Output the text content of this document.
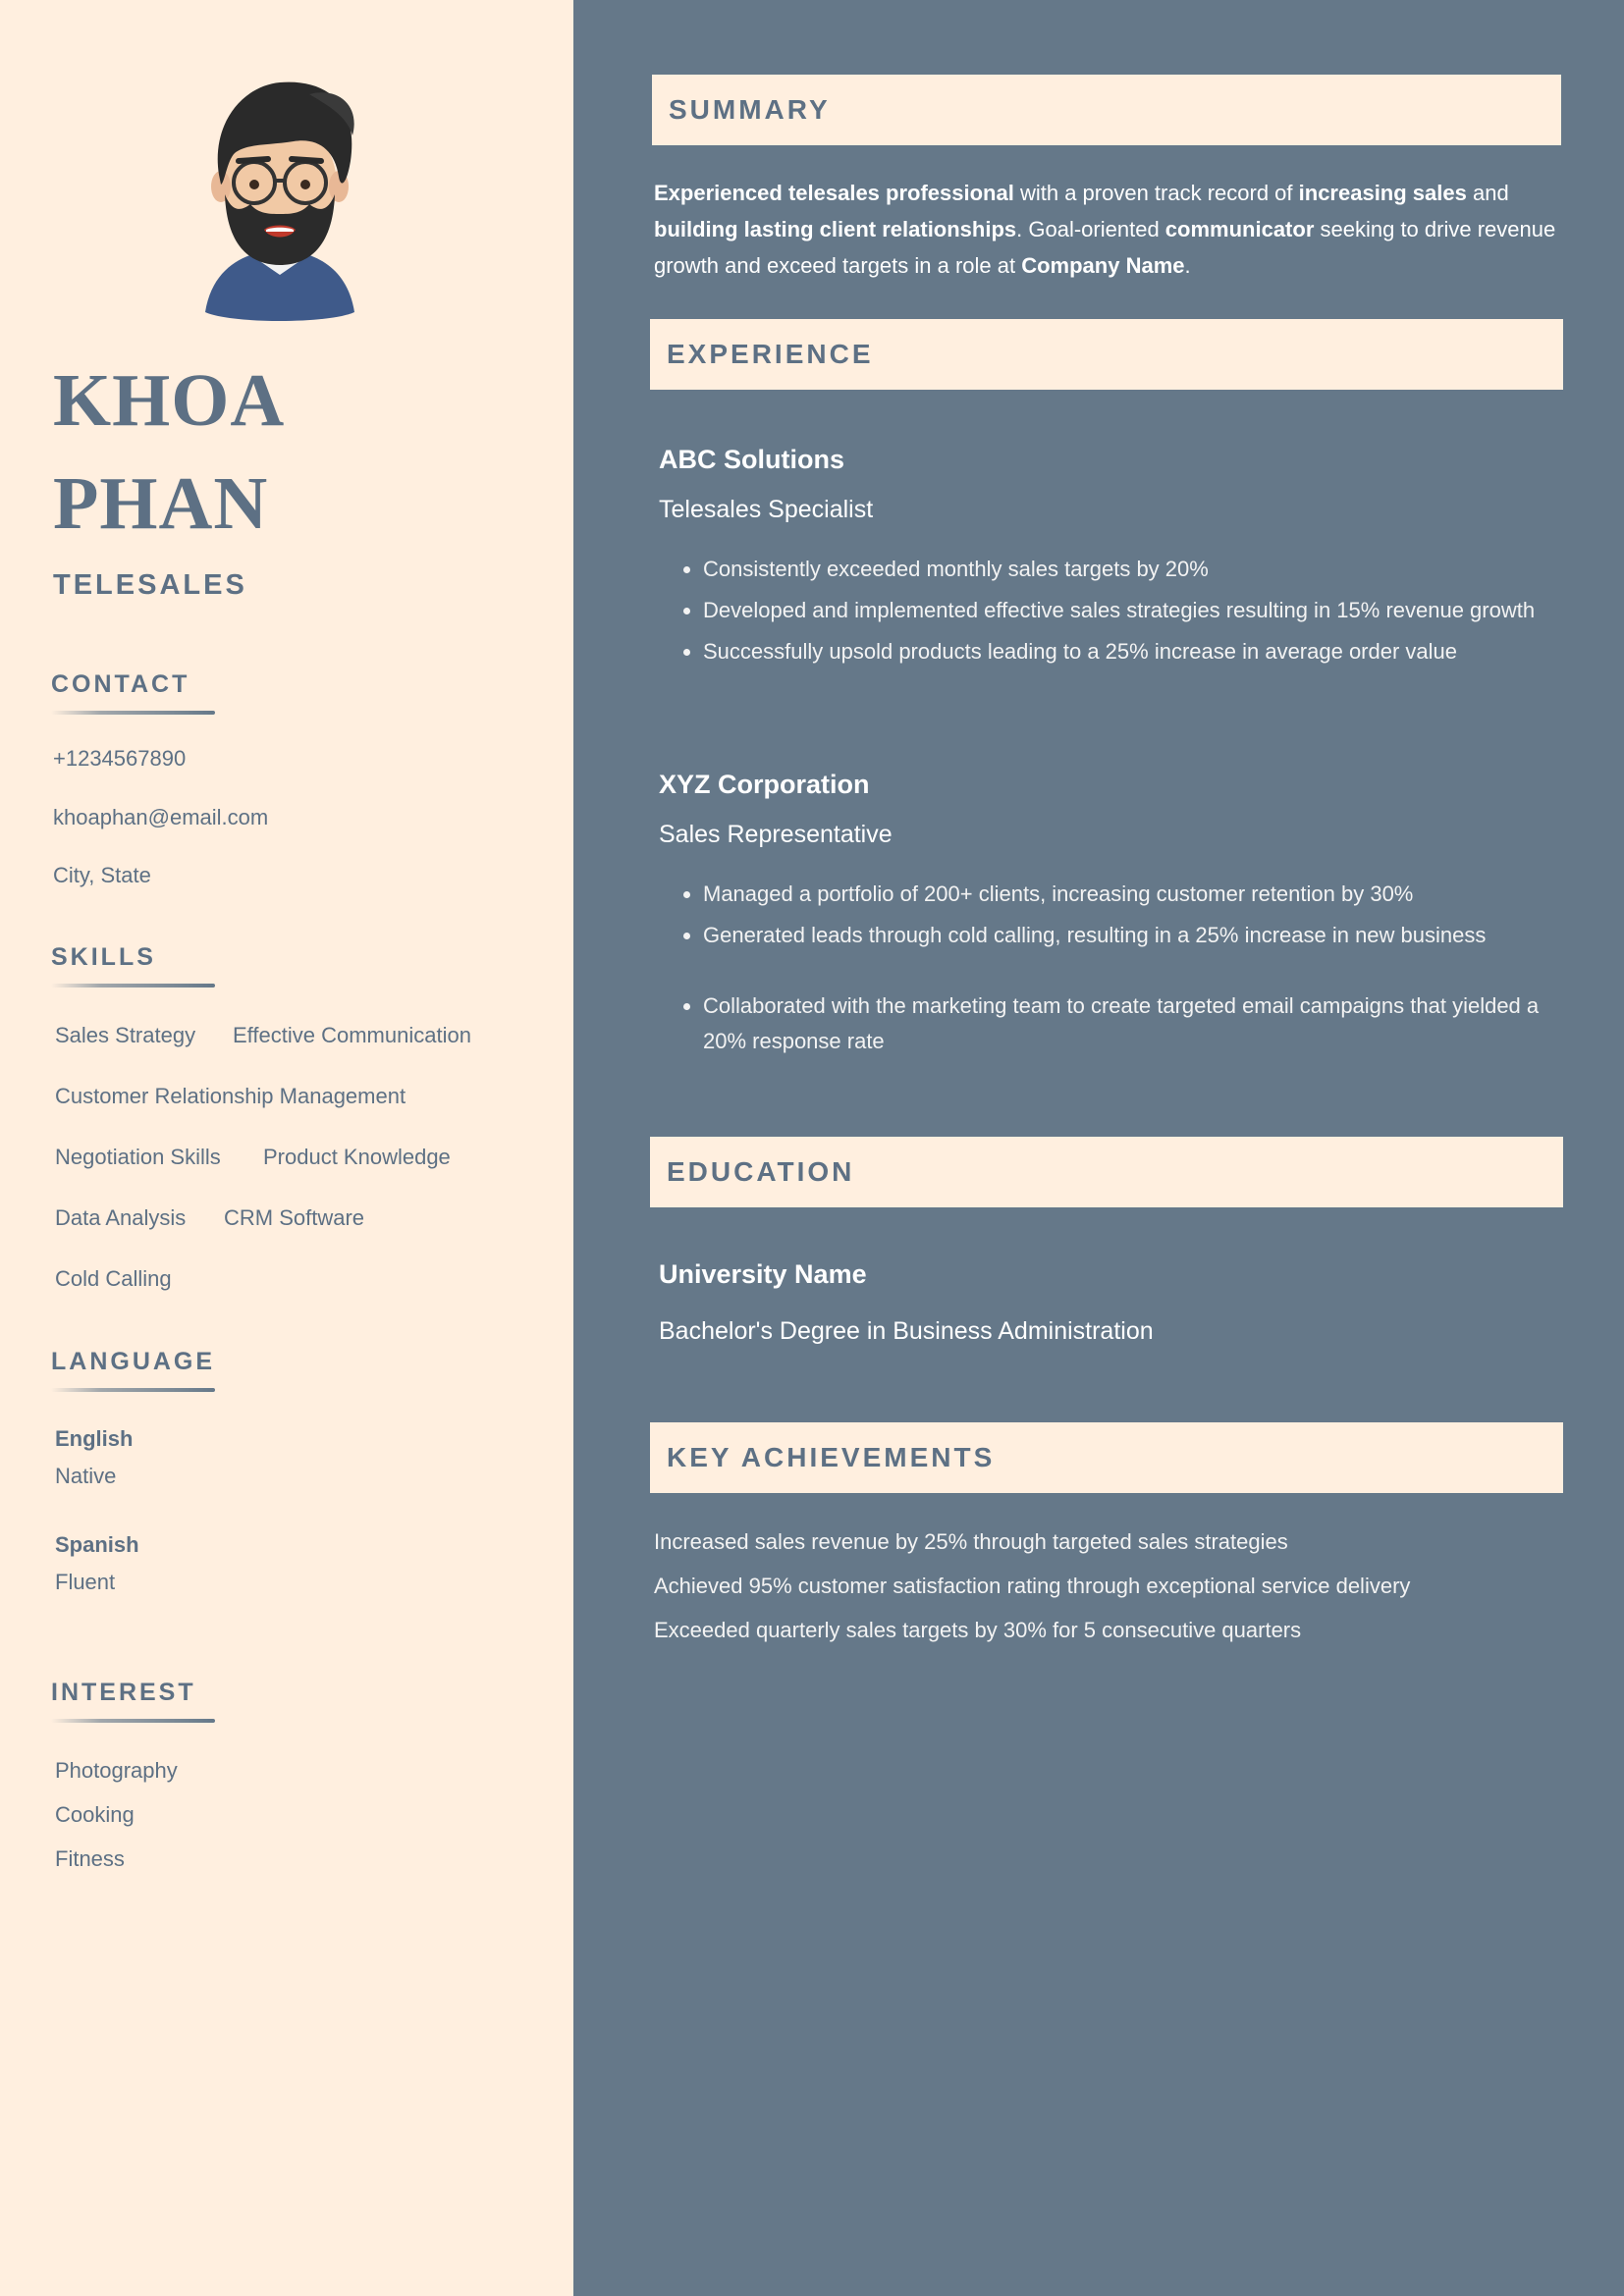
KHOA
PHAN
TELESALES
CONTACT
+1234567890
khoaphan@email.com
City, State
SKILLS
Sales Strategy Effective Communication
Customer Relationship Management
Negotiation Skills Product Knowledge
Data Analysis CRM Software
Cold Calling
LANGUAGE
English
Native
Spanish
Fluent
INTEREST
Photography
Cooking
Fitness
SUMMARY
Experienced telesales professional with a proven track record of increasing sales and building lasting client relationships. Goal-oriented communicator seeking to drive revenue growth and exceed targets in a role at Company Name.
EXPERIENCE
ABC Solutions
Telesales Specialist
Consistently exceeded monthly sales targets by 20%
Developed and implemented effective sales strategies resulting in 15% revenue growth
Successfully upsold products leading to a 25% increase in average order value
XYZ Corporation
Sales Representative
Managed a portfolio of 200+ clients, increasing customer retention by 30%
Generated leads through cold calling, resulting in a 25% increase in new business
Collaborated with the marketing team to create targeted email campaigns that yielded a 20% response rate
EDUCATION
University Name
Bachelor's Degree in Business Administration
KEY ACHIEVEMENTS
Increased sales revenue by 25% through targeted sales strategies
Achieved 95% customer satisfaction rating through exceptional service delivery
Exceeded quarterly sales targets by 30% for 5 consecutive quarters
